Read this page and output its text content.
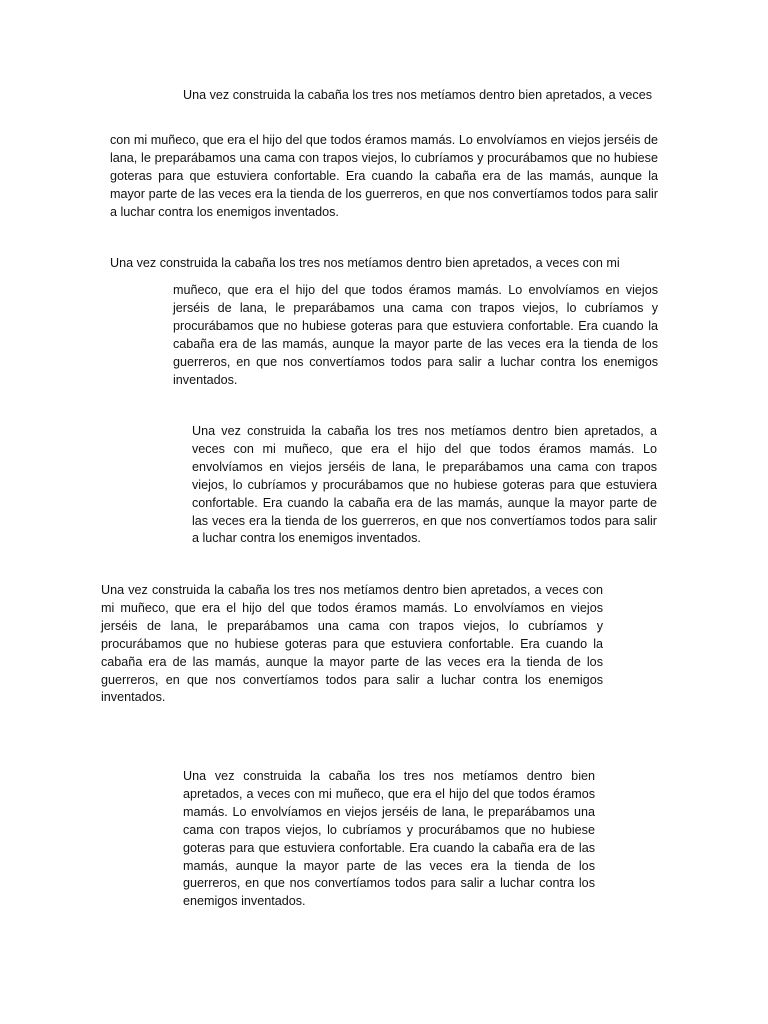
Una vez construida la cabaña los tres nos metíamos dentro bien apretados, a veces

con mi muñeco, que era el hijo del que todos éramos mamás. Lo envolvíamos en viejos jerséis de lana, le preparábamos una cama con trapos viejos, lo cubríamos y procurábamos que no hubiese goteras para que estuviera confortable. Era cuando la cabaña era de las mamás, aunque la mayor parte de las veces era la tienda de los guerreros, en que nos convertíamos todos para salir a luchar contra los enemigos inventados.

Una vez construida la cabaña los tres nos metíamos dentro bien apretados, a veces con mi

muñeco, que era el hijo del que todos éramos mamás. Lo envolvíamos en viejos jerséis de lana, le preparábamos una cama con trapos viejos, lo cubríamos y procurábamos que no hubiese goteras para que estuviera confortable. Era cuando la cabaña era de las mamás, aunque la mayor parte de las veces era la tienda de los guerreros, en que nos convertíamos todos para salir a luchar contra los enemigos inventados.

Una vez construida la cabaña los tres nos metíamos dentro bien apretados, a veces con mi muñeco, que era el hijo del que todos éramos mamás. Lo envolvíamos en viejos jerséis de lana, le preparábamos una cama con trapos viejos, lo cubríamos y procurábamos que no hubiese goteras para que estuviera confortable. Era cuando la cabaña era de las mamás, aunque la mayor parte de las veces era la tienda de los guerreros, en que nos convertíamos todos para salir a luchar contra los enemigos inventados.

Una vez construida la cabaña los tres nos metíamos dentro bien apretados, a veces con mi muñeco, que era el hijo del que todos éramos mamás. Lo envolvíamos en viejos jerséis de lana, le preparábamos una cama con trapos viejos, lo cubríamos y procurábamos que no hubiese goteras para que estuviera confortable. Era cuando la cabaña era de las mamás, aunque la mayor parte de las veces era la tienda de los guerreros, en que nos convertíamos todos para salir a luchar contra los enemigos inventados.

Una vez construida la cabaña los tres nos metíamos dentro bien apretados, a veces con mi muñeco, que era el hijo del que todos éramos mamás. Lo envolvíamos en viejos jerséis de lana, le preparábamos una cama con trapos viejos, lo cubríamos y procurábamos que no hubiese goteras para que estuviera confortable. Era cuando la cabaña era de las mamás, aunque la mayor parte de las veces era la tienda de los guerreros, en que nos convertíamos todos para salir a luchar contra los enemigos inventados.
